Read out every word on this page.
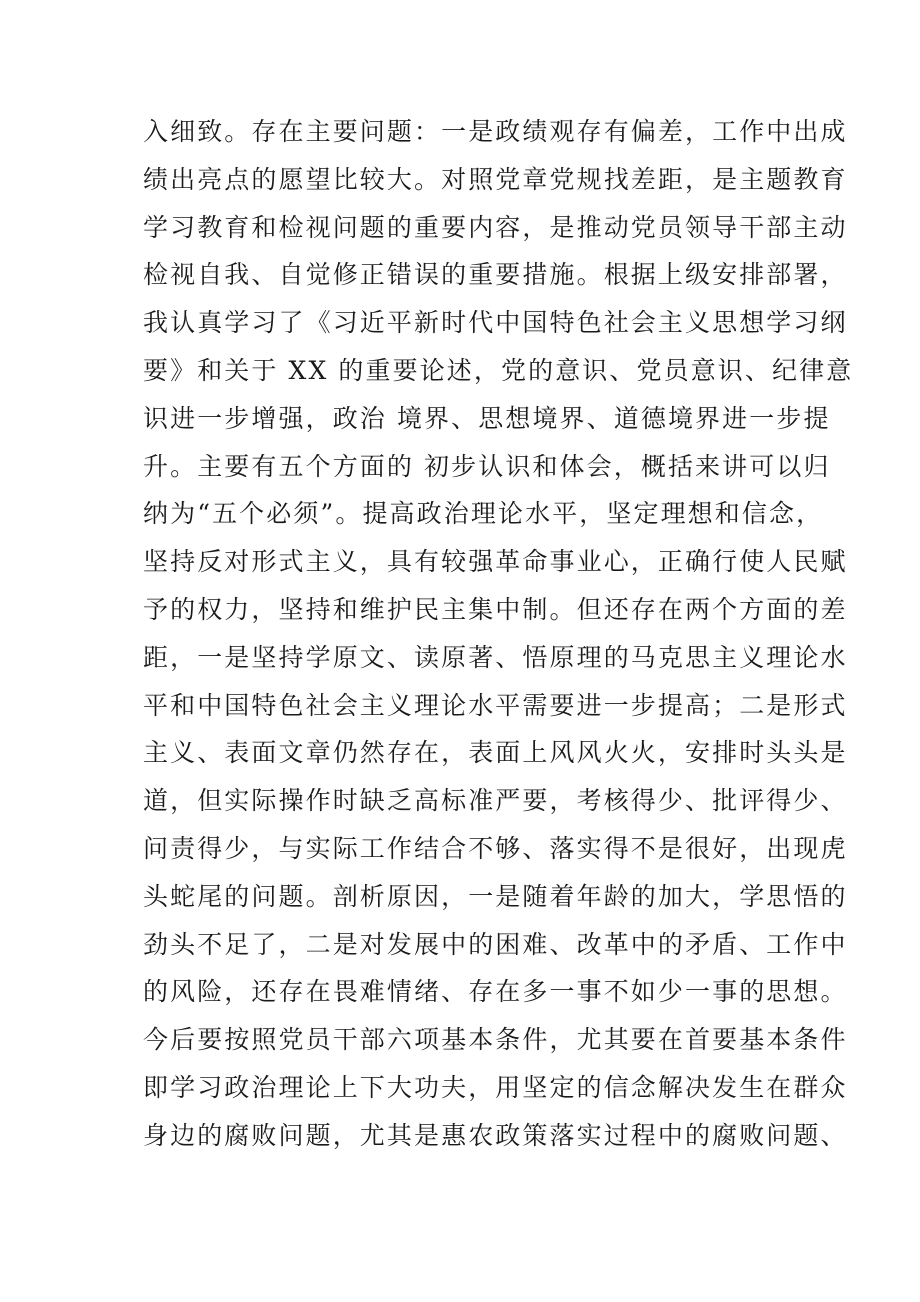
入细致。存在主要问题：一是政绩观存有偏差，工作中出成
绩出亮点的愿望比较大。对照党章党规找差距，是主题教育
学习教育和检视问题的重要内容，是推动党员领导干部主动
检视自我、自觉修正错误的重要措施。根据上级安排部署，
我认真学习了《习近平新时代中国特色社会主义思想学习纲
要》和关于 XX 的重要论述，党的意识、党员意识、纪律意
识进一步增强，政治 境界、思想境界、道德境界进一步提
升。主要有五个方面的 初步认识和体会，概括来讲可以归
纳为“五个必须”。提高政治理论水平，坚定理想和信念，
坚持反对形式主义，具有较强革命事业心，正确行使人民赋
予的权力，坚持和维护民主集中制。但还存在两个方面的差
距，一是坚持学原文、读原著、悟原理的马克思主义理论水
平和中国特色社会主义理论水平需要进一步提高；二是形式
主义、表面文章仍然存在，表面上风风火火，安排时头头是
道，但实际操作时缺乏高标准严要，考核得少、批评得少、
问责得少，与实际工作结合不够、落实得不是很好，出现虎
头蛇尾的问题。剖析原因，一是随着年龄的加大，学思悟的
劲头不足了，二是对发展中的困难、改革中的矛盾、工作中
的风险，还存在畏难情绪、存在多一事不如少一事的思想。
今后要按照党员干部六项基本条件，尤其要在首要基本条件
即学习政治理论上下大功夫，用坚定的信念解决发生在群众
身边的腐败问题，尤其是惠农政策落实过程中的腐败问题、
